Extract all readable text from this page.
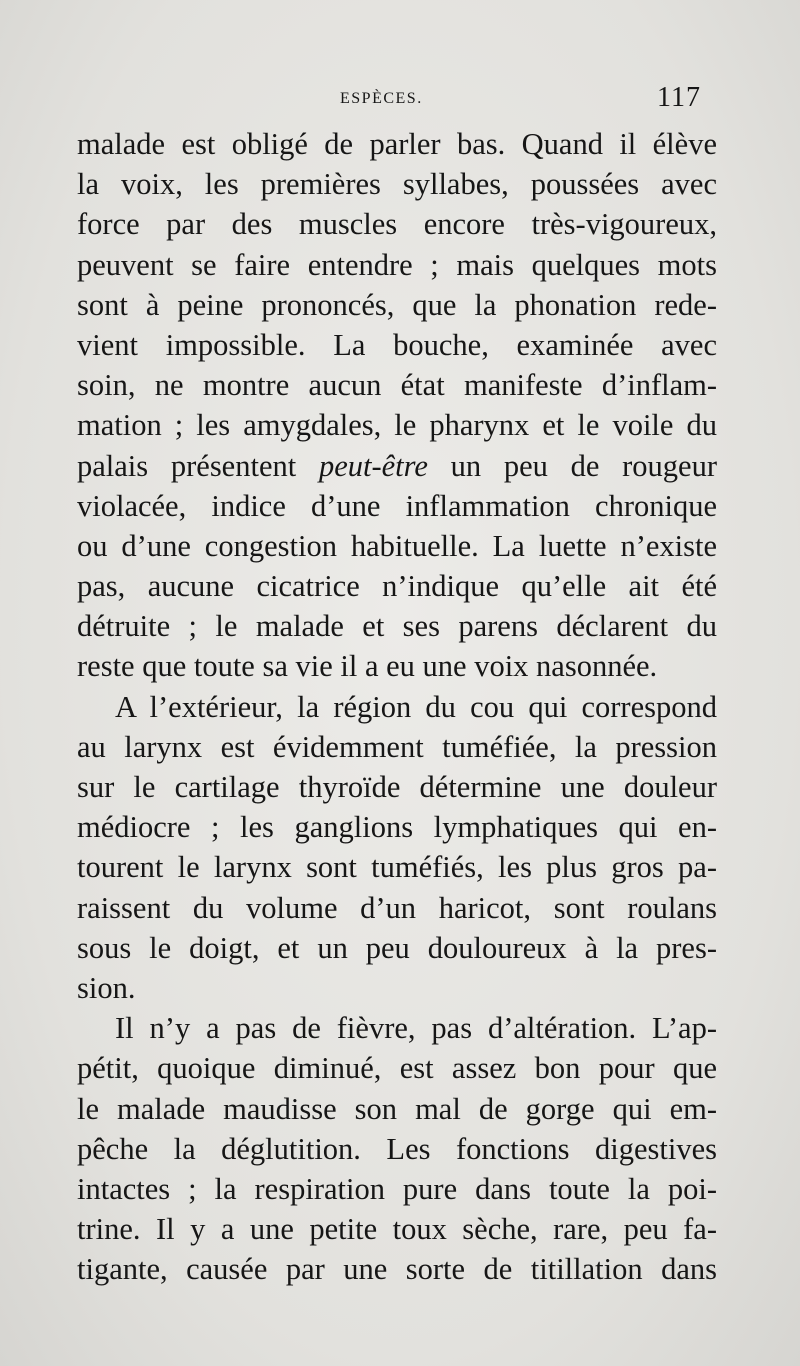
ESPÈCES.	117
malade est obligé de parler bas. Quand il élève
la voix, les premières syllabes, poussées avec
force par des muscles encore très-vigoureux,
peuvent se faire entendre ; mais quelques mots
sont à peine prononcés, que la phonation rede-
vient impossible. La bouche, examinée avec
soin, ne montre aucun état manifeste d’inflam-
mation ; les amygdales, le pharynx et le voile du
palais présentent peut-être un peu de rougeur
violacée, indice d’une inflammation chronique
ou d’une congestion habituelle. La luette n’existe
pas, aucune cicatrice n’indique qu’elle ait été
détruite ; le malade et ses parens déclarent du
reste que toute sa vie il a eu une voix nasonnée.
A l’extérieur, la région du cou qui correspond
au larynx est évidemment tuméfiée, la pression
sur le cartilage thyroïde détermine une douleur
médiocre ; les ganglions lymphatiques qui en-
tourent le larynx sont tuméfiés, les plus gros pa-
raissent du volume d’un haricot, sont roulans
sous le doigt, et un peu douloureux à la pres-
sion.
Il n’y a pas de fièvre, pas d’altération. L’ap-
pétit, quoique diminué, est assez bon pour que
le malade maudisse son mal de gorge qui em-
pêche la déglutition. Les fonctions digestives
intactes ; la respiration pure dans toute la poi-
trine. Il y a une petite toux sèche, rare, peu fa-
tigante, causée par une sorte de titillation dans
